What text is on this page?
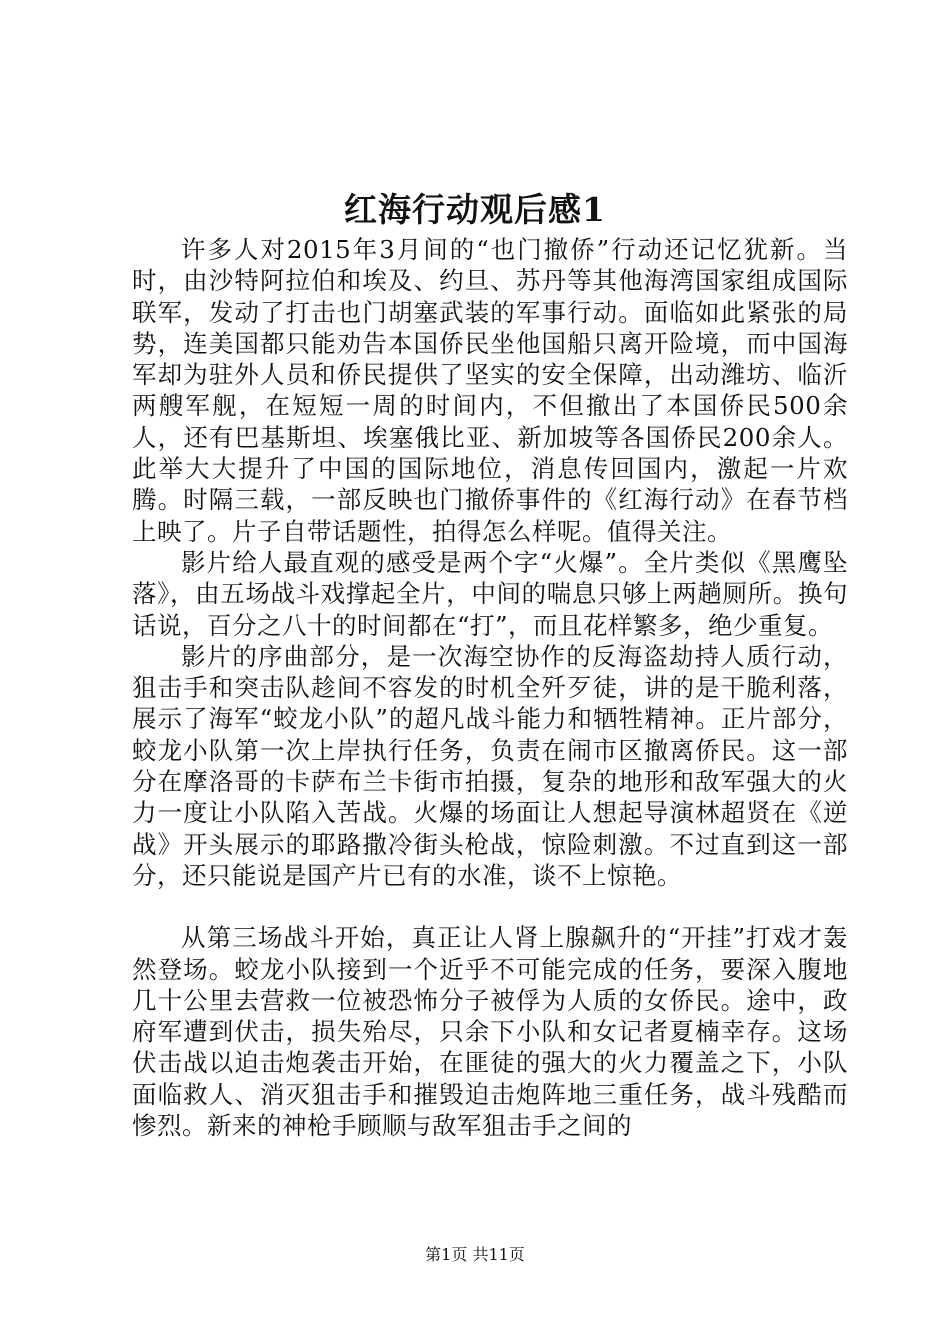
红海行动观后感1

许多人对2015年3月间的“也门撤侨”行动还记忆犹新。当时，由沙特阿拉伯和埃及、约旦、苏丹等其他海湾国家组成国际联军，发动了打击也门胡塞武装的军事行动。面临如此紧张的局势，连美国都只能劝告本国侨民坐他国船只离开险境，而中国海军却为驻外人员和侨民提供了坚实的安全保障，出动潍坊、临沂两艘军舰，在短短一周的时间内，不但撤出了本国侨民500余人，还有巴基斯坦、埃塞俄比亚、新加坡等各国侨民200余人。此举大大提升了中国的国际地位，消息传回国内，激起一片欢腾。时隔三载，一部反映也门撤侨事件的《红海行动》在春节档上映了。片子自带话题性，拍得怎么样呢。值得关注。

影片给人最直观的感受是两个字“火爆”。全片类似《黑鹰坠落》，由五场战斗戏撑起全片，中间的喘息只够上两趟厕所。换句话说，百分之八十的时间都在“打”，而且花样繁多，绝少重复。

影片的序曲部分，是一次海空协作的反海盗劫持人质行动，狙击手和突击队趁间不容发的时机全歼歹徒，讲的是干脆利落，展示了海军“蛟龙小队”的超凡战斗能力和牺牲精神。正片部分，蛟龙小队第一次上岸执行任务，负责在闹市区撤离侨民。这一部分在摩洛哥的卡萨布兰卡街市拍摄，复杂的地形和敌军强大的火力一度让小队陷入苦战。火爆的场面让人想起导演林超贤在《逆战》开头展示的耶路撒冷街头枪战，惊险刺激。不过直到这一部分，还只能说是国产片已有的水准，谈不上惊艳。

从第三场战斗开始，真正让人肾上腺飙升的“开挂”打戏才轰然登场。蛟龙小队接到一个近乎不可能完成的任务，要深入腹地几十公里去营救一位被恐怖分子被俘为人质的女侨民。途中，政府军遭到伏击，损失殆尽，只余下小队和女记者夏楠幸存。这场伏击战以迫击炮袭击开始，在匪徒的强大的火力覆盖之下，小队面临救人、消灭狙击手和摧毁迫击炮阵地三重任务，战斗残酷而惨烈。新来的神枪手顾顺与敌军狙击手之间的

第1页 共11页
